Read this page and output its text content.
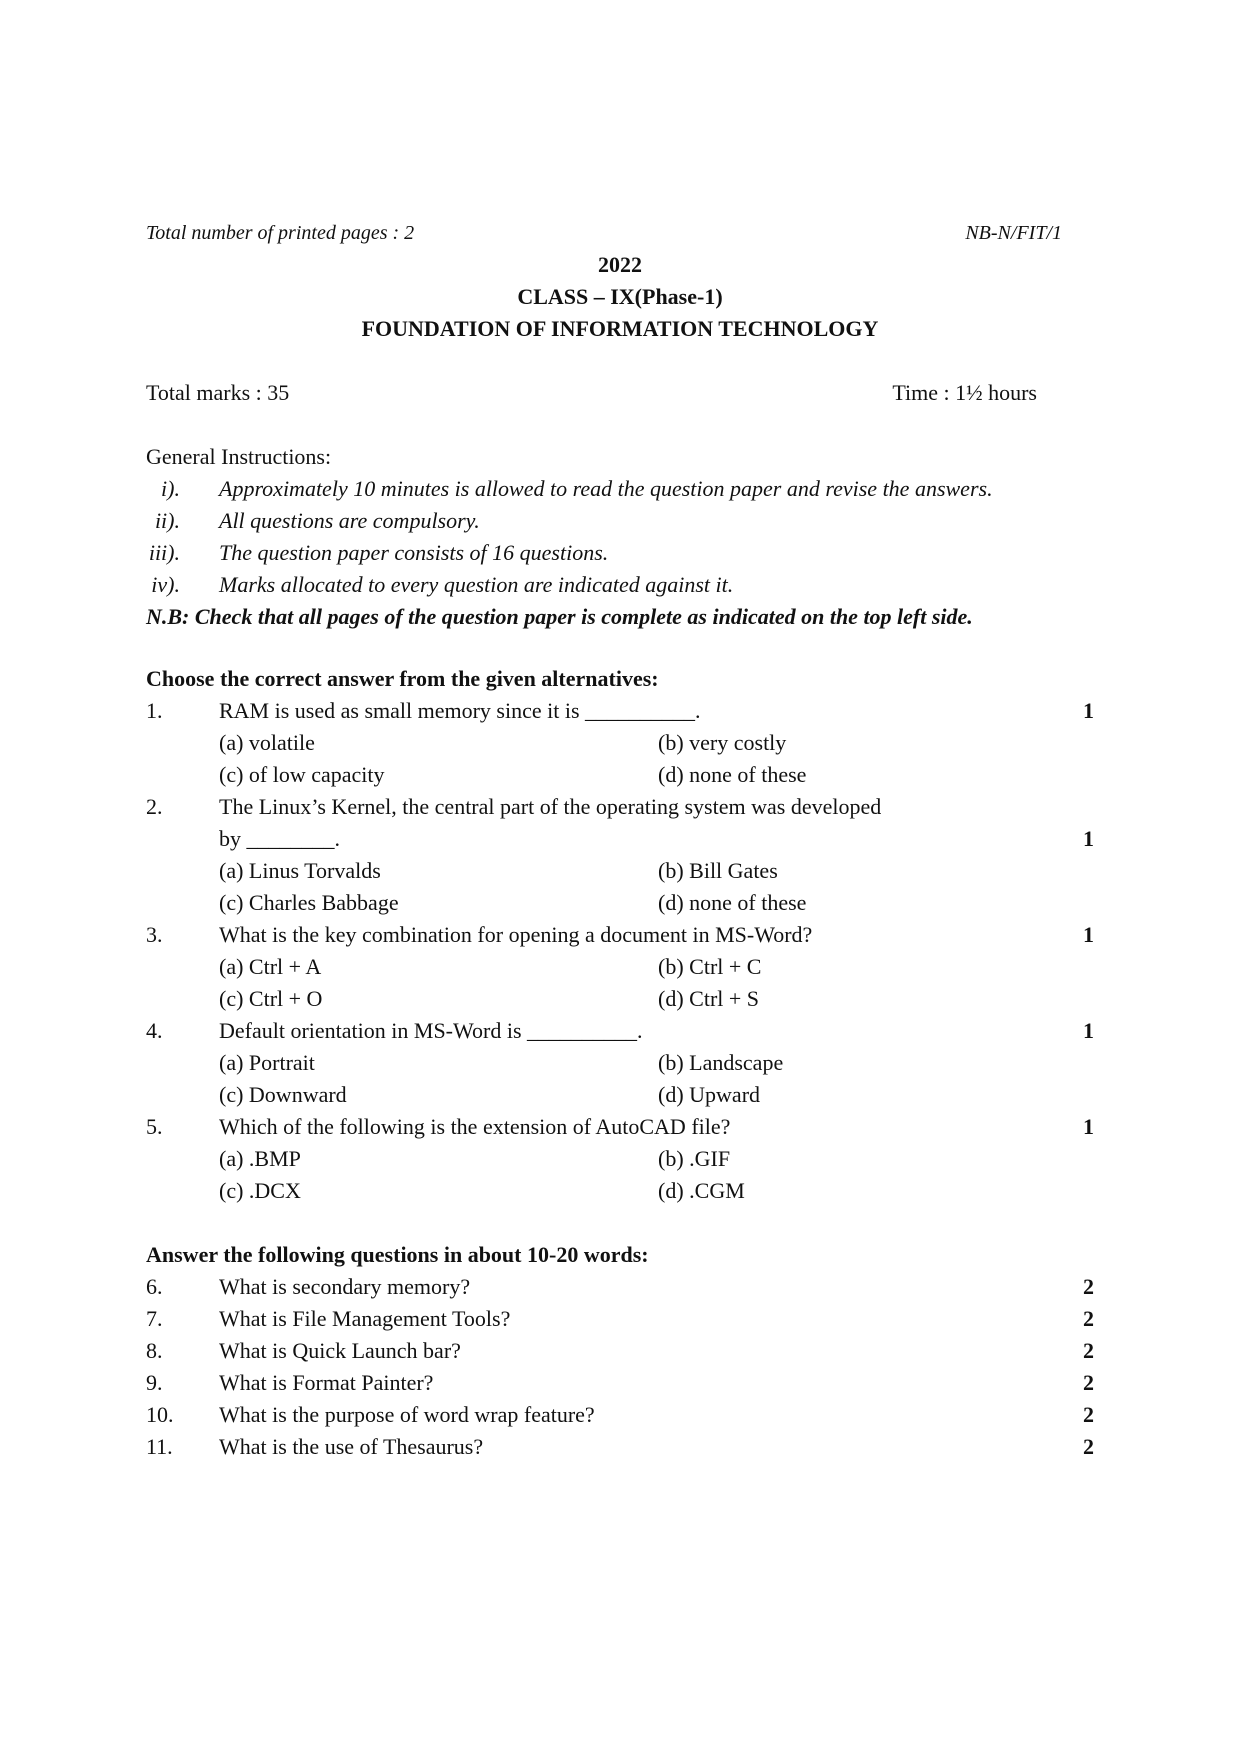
Total number of printed pages : 2	NB-N/FIT/1
2022
CLASS – IX(Phase-1)
FOUNDATION OF INFORMATION TECHNOLOGY
Total marks : 35	Time : 1½ hours
General Instructions:
i). Approximately 10 minutes is allowed to read the question paper and revise the answers.
ii). All questions are compulsory.
iii). The question paper consists of 16 questions.
iv). Marks allocated to every question are indicated against it.
N.B: Check that all pages of the question paper is complete as indicated on the top left side.
Choose the correct answer from the given alternatives:
1.	RAM is used as small memory since it is __________.	1
(a) volatile	(b) very costly
(c) of low capacity	(d) none of these
2.	The Linux’s Kernel, the central part of the operating system was developed
by ________.	1
(a) Linus Torvalds	(b) Bill Gates
(c) Charles Babbage	(d) none of these
3.	What is the key combination for opening a document in MS-Word?	1
(a) Ctrl + A	(b) Ctrl + C
(c) Ctrl + O	(d) Ctrl + S
4.	Default orientation in MS-Word is __________.	1
(a) Portrait	(b) Landscape
(c) Downward	(d) Upward
5.	Which of the following is the extension of AutoCAD file?	1
(a) .BMP	(b) .GIF
(c) .DCX	(d) .CGM
Answer the following questions in about 10-20 words:
6.	What is secondary memory?	2
7.	What is File Management Tools?	2
8.	What is Quick Launch bar?	2
9.	What is Format Painter?	2
10. What is the purpose of word wrap feature?	2
11. What is the use of Thesaurus?	2
